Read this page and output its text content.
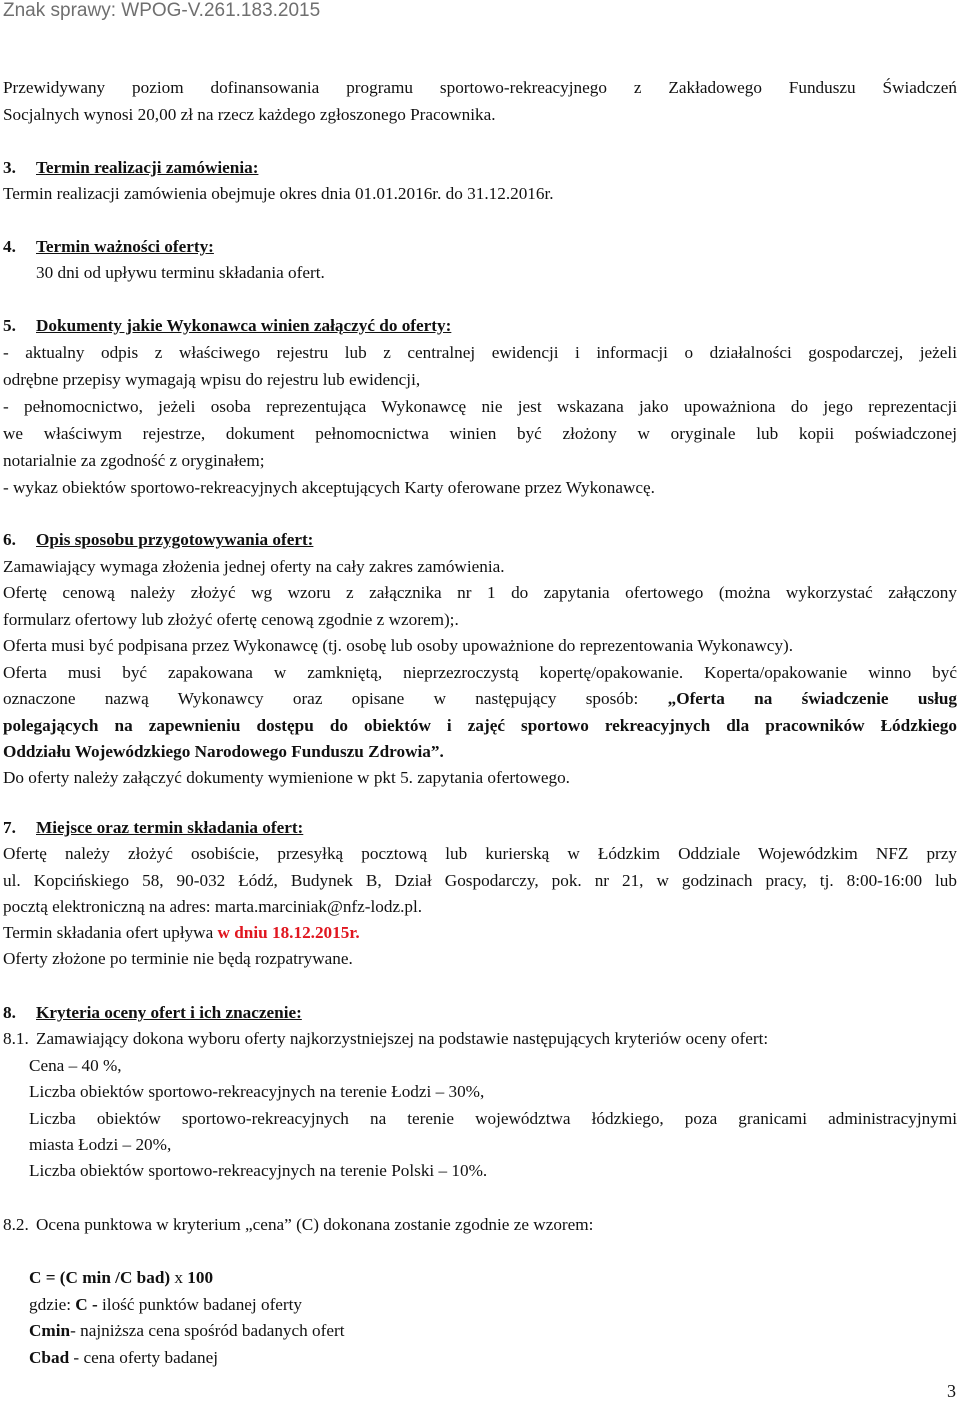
Znak sprawy: WPOG-V.261.183.2015
Przewidywany poziom dofinansowania programu sportowo-rekreacyjnego z Zakładowego Funduszu Świadczeń
Socjalnych wynosi 20,00 zł na rzecz każdego zgłoszonego Pracownika.
3. Termin realizacji zamówienia:
Termin realizacji zamówienia obejmuje okres dnia 01.01.2016r. do 31.12.2016r.
4. Termin ważności oferty:
30 dni od upływu terminu składania ofert.
5. Dokumenty jakie Wykonawca winien załączyć do oferty:
- aktualny odpis z właściwego rejestru lub z centralnej ewidencji i informacji o działalności gospodarczej, jeżeli
odrębne przepisy wymagają wpisu do rejestru lub ewidencji,
- pełnomocnictwo, jeżeli osoba reprezentująca Wykonawcę nie jest wskazana jako upoważniona do jego reprezentacji
we właściwym rejestrze, dokument pełnomocnictwa winien być złożony w oryginale lub kopii poświadczonej
notarialnie za zgodność z oryginałem;
- wykaz obiektów sportowo-rekreacyjnych akceptujących Karty oferowane przez Wykonawcę.
6. Opis sposobu przygotowywania ofert:
Zamawiający wymaga złożenia jednej oferty na cały zakres zamówienia.
Ofertę cenową należy złożyć wg wzoru z załącznika nr 1 do zapytania ofertowego (można wykorzystać załączony
formularz ofertowy lub złożyć ofertę cenową zgodnie z wzorem);.
Oferta musi być podpisana przez Wykonawcę (tj. osobę lub osoby upoważnione do reprezentowania Wykonawcy).
Oferta musi być zapakowana w zamkniętą, nieprzezroczystą kopertę/opakowanie. Koperta/opakowanie winno być
oznaczone nazwą Wykonawcy oraz opisane w następujący sposób: „Oferta na świadczenie usług
polegających na zapewnieniu dostępu do obiektów i zajęć sportowo rekreacyjnych dla pracowników Łódzkiego
Oddziału Wojewódzkiego Narodowego Funduszu Zdrowia”.
Do oferty należy załączyć dokumenty wymienione w pkt 5. zapytania ofertowego.
7. Miejsce oraz termin składania ofert:
Ofertę należy złożyć osobiście, przesyłką pocztową lub kurierską w Łódzkim Oddziale Wojewódzkim NFZ przy
ul. Kopcińskiego 58, 90-032 Łódź, Budynek B, Dział Gospodarczy, pok. nr 21, w godzinach pracy, tj. 8:00-16:00 lub
pocztą elektroniczną na adres: marta.marciniak@nfz-lodz.pl.
Termin składania ofert upływa w dniu 18.12.2015r.
Oferty złożone po terminie nie będą rozpatrywane.
8. Kryteria oceny ofert i ich znaczenie:
8.1. Zamawiający dokona wyboru oferty najkorzystniejszej na podstawie następujących kryteriów oceny ofert:
Cena – 40 %,
Liczba obiektów sportowo-rekreacyjnych na terenie Łodzi – 30%,
Liczba obiektów sportowo-rekreacyjnych na terenie województwa łódzkiego, poza granicami administracyjnymi
miasta Łodzi – 20%,
Liczba obiektów sportowo-rekreacyjnych na terenie Polski – 10%.
8.2. Ocena punktowa w kryterium „cena” (C) dokonana zostanie zgodnie ze wzorem:
C = (C min /C bad) x 100
gdzie: C - ilość punktów badanej oferty
Cmin- najniższa cena spośród badanych ofert
Cbad - cena oferty badanej
3
